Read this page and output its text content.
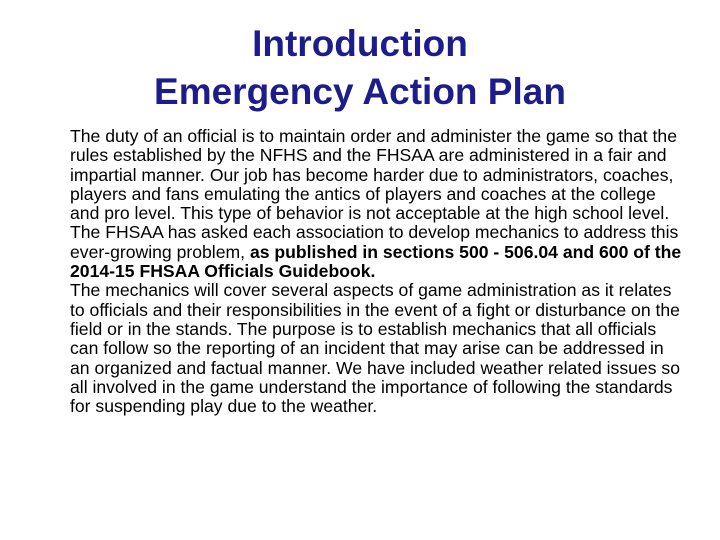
Introduction
Emergency Action Plan

The duty of an official is to maintain order and administer the game so that the rules established by the NFHS and the FHSAA are administered in a fair and impartial manner. Our job has become harder due to administrators, coaches, players and fans emulating the antics of players and coaches at the college and pro level. This type of behavior is not acceptable at the high school level. The FHSAA has asked each association to develop mechanics to address this ever-growing problem, as published in sections 500 - 506.04 and 600 of the 2014-15 FHSAA Officials Guidebook.

The mechanics will cover several aspects of game administration as it relates to officials and their responsibilities in the event of a fight or disturbance on the field or in the stands. The purpose is to establish mechanics that all officials can follow so the reporting of an incident that may arise can be addressed in an organized and factual manner. We have included weather related issues so all involved in the game understand the importance of following the standards for suspending play due to the weather.
